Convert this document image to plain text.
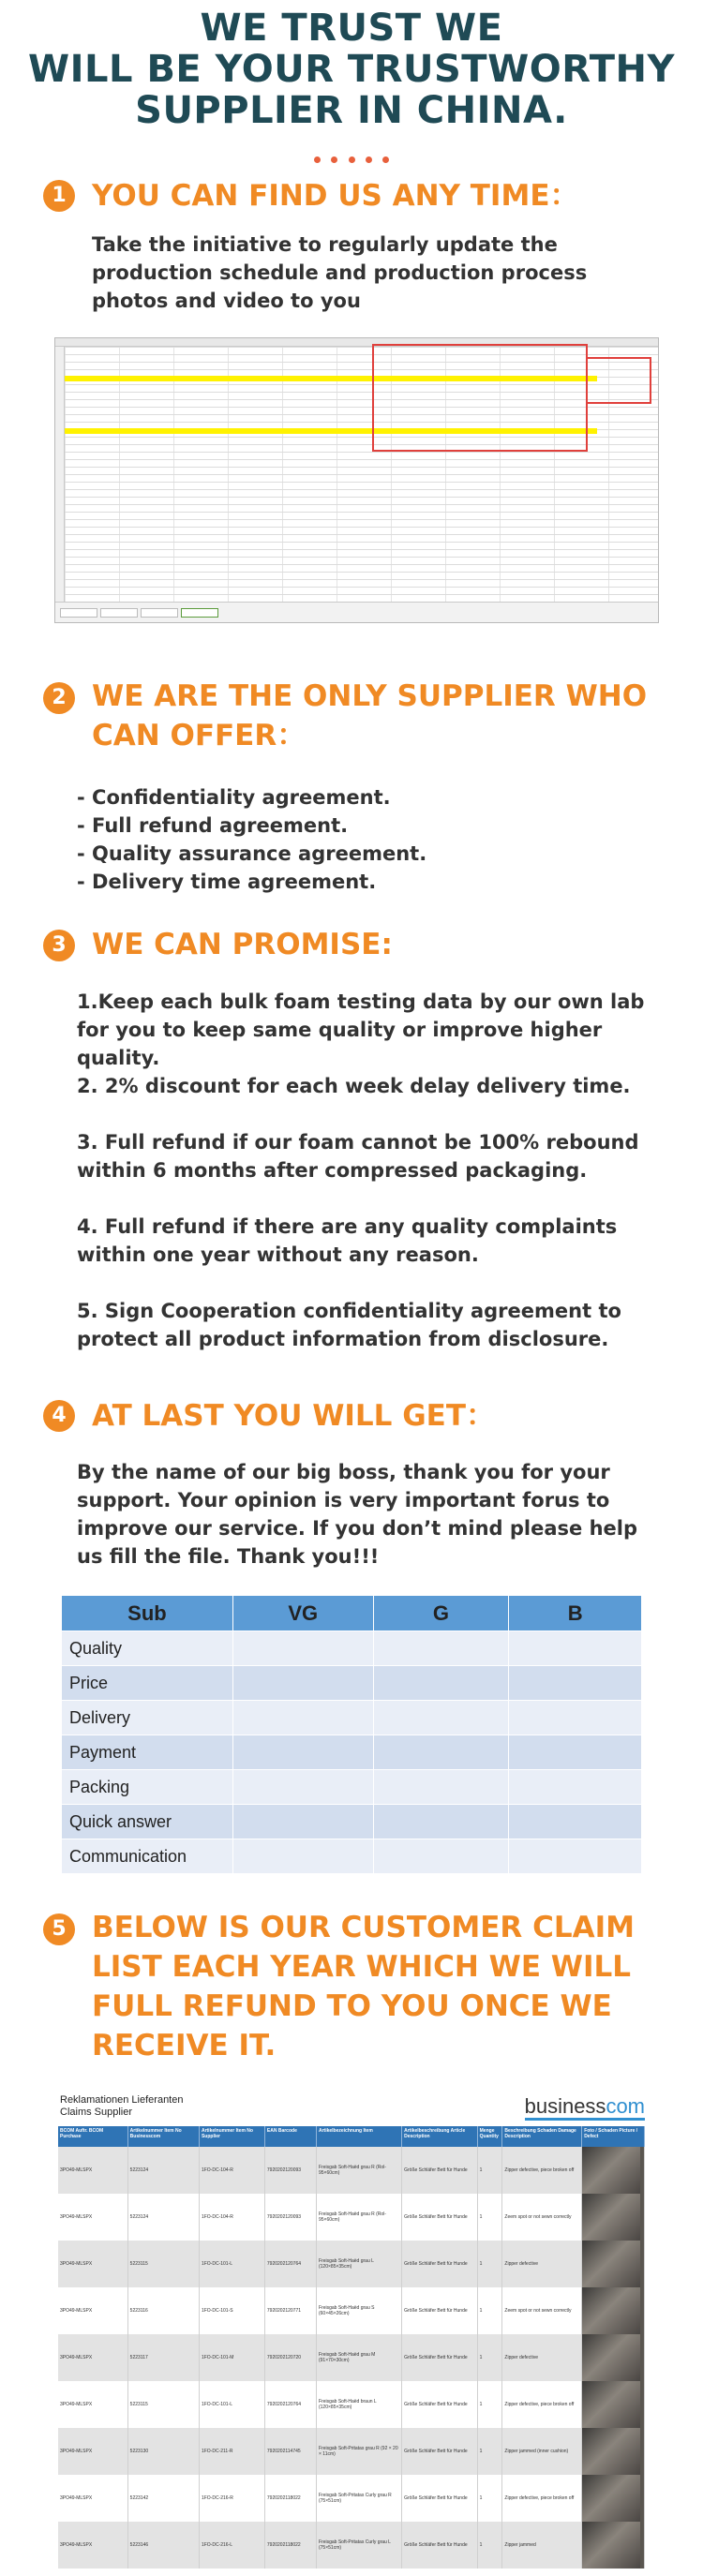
WE TRUST WE
WILL BE YOUR TRUSTWORTHY
SUPPLIER IN CHINA.
1 YOU CAN FIND US ANY TIME：
Take the initiative to regularly update the production schedule and production process photos and video to you
2 WE ARE THE ONLY SUPPLIER WHO
CAN OFFER：
- Confidentiality agreement.
- Full refund agreement.
- Quality assurance agreement.
- Delivery time agreement.
3 WE CAN PROMISE:
1.Keep each bulk foam testing data by our own lab for you to keep same quality or improve higher quality.
2. 2% discount for each week delay delivery time.
3. Full refund if our foam cannot be 100% rebound within 6 months after compressed packaging.
4. Full refund if there are any quality complaints within one year without any reason.
5. Sign Cooperation confidentiality agreement to protect all product information from disclosure.
4 AT LAST YOU WILL GET：
By the name of our big boss, thank you for your support. Your opinion is very important forus to improve our service. If you don’t mind please help us fill the file. Thank you!!!
Sub	VG	G	B
Quality			
Price			
Delivery			
Payment			
Packing			
Quick answer			
Communication			
5 BELOW IS OUR CUSTOMER CLAIM
LIST EACH YEAR WHICH WE WILL
FULL REFUND TO YOU ONCE WE
RECEIVE IT.
Reklamationen Lieferanten
Claims Supplier	businesscom
BCOM Auftr. BCOM Purchase	Artikelnummer Item No Businesscom	Artikelnummer Item No Supplier	EAN Barcode	Artikelbezeichnung Item	Artikelbeschreibung Article Description	Menge Quantity	Beschreibung Schaden Damage Description	Foto / Schaden Picture / Defect
3PO49-MLSPX	5223124	1FO-DC-104-R	7920202120093	Freisgab Soft-Haëd grau R (Rol-95×60cm)	Größe Schläfer Bett für Hunde	1	Zipper defective, piece broken off	

3PO49-MLSPX	5223124	1FO-DC-104-R	7920202120093	Freisgab Soft-Haëd grau R (Rol-95×60cm)	Größe Schläfer Bett für Hunde	1	Zeem spot or not sewn correctly	

3PO49-MLSPX	5223115	1FO-DC-101-L	7920202120764	Freisgab Soft-Haëd grau L (120×85×35cm)	Größe Schläfer Bett für Hunde	1	Zipper defective	

3PO49-MLSPX	5223116	1FO-DC-101-S	7920202120771	Freisgab Soft-Haëd grau S (60×45×26cm)	Größe Schläfer Bett für Hunde	1	Zeem spot or not sewn correctly	

3PO49-MLSPX	5223117	1FO-DC-101-M	7920202120720	Freisgab Soft-Haëd grau M (91×70×30cm)	Größe Schläfer Bett für Hunde	1	Zipper defective	

3PO49-MLSPX	5223115	1FO-DC-101-L	7920202120764	Freisgab Soft-Haëd braun L (120×85×35cm)	Größe Schläfer Bett für Hunde	1	Zipper defective, piece broken off	

3PO49-MLSPX	5223130	1FO-DC-211-R	7920202114745	Freisgab Soft-Pritatas grau R (92 × 20 × 11cm)	Größe Schläfer Bett für Hunde	1	Zipper jammed (inner cushion)	

3PO49-MLSPX	5223142	1FO-DC-216-R	7920202118022	Freisgab Soft-Pritatas Curly grau R (75×51cm)	Größe Schläfer Bett für Hunde	1	Zipper defective, piece broken off	

3PO49-MLSPX	5223146	1FO-DC-216-L	7920202118022	Freisgab Soft-Pritatas Curly grau L (75×51cm)	Größe Schläfer Bett für Hunde	1	Zipper jammed	
